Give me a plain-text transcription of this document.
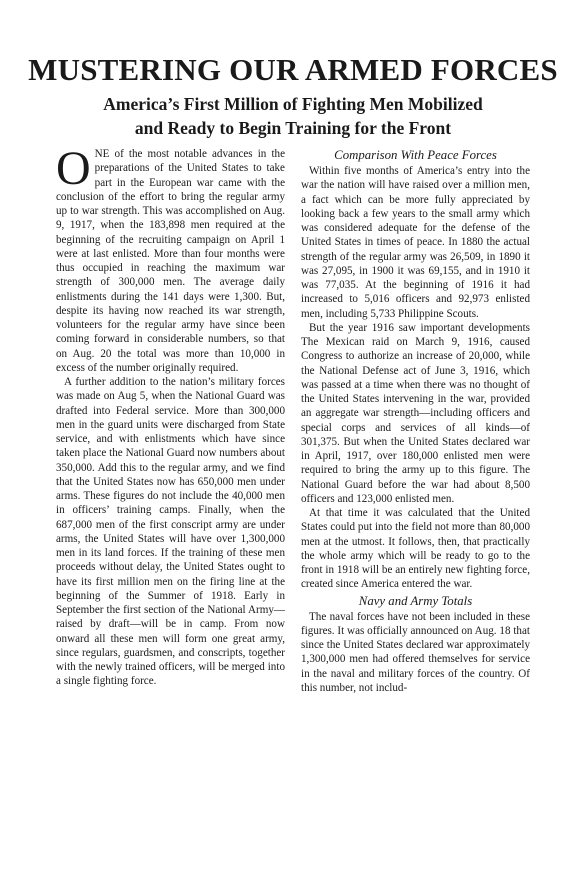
MUSTERING OUR ARMED FORCES
America’s First Million of Fighting Men Mobilized
and Ready to Begin Training for the Front

ONE of the most notable advances in the preparations of the United States to take part in the European war came with the conclusion of the effort to bring the regular army up to war strength. This was accomplished on Aug. 9, 1917, when the 183,898 men required at the beginning of the recruiting campaign on April 1 were at last enlisted. More than four months were thus occupied in reaching the maximum war strength of 300,000 men. The average daily enlistments during the 141 days were 1,300. But, despite its having now reached its war strength, volunteers for the regular army have since been coming forward in considerable numbers, so that on Aug. 20 the total was more than 10,000 in excess of the number originally required.

A further addition to the nation’s military forces was made on Aug 5, when the National Guard was drafted into Federal service. More than 300,000 men in the guard units were discharged from State service, and with enlistments which have since taken place the National Guard now numbers about 350,000. Add this to the regular army, and we find that the United States now has 650,000 men under arms. These figures do not include the 40,000 men in officers’ training camps. Finally, when the 687,000 men of the first conscript army are under arms, the United States will have over 1,300,000 men in its land forces. If the training of these men proceeds without delay, the United States ought to have its first million men on the firing line at the beginning of the Summer of 1918. Early in September the first section of the National Army—raised by draft—will be in camp. From now onward all these men will form one great army, since regulars, guardsmen, and conscripts, together with the newly trained officers, will be merged into a single fighting force.

Comparison With Peace Forces

Within five months of America’s entry into the war the nation will have raised over a million men, a fact which can be more fully appreciated by looking back a few years to the small army which was considered adequate for the defense of the United States in times of peace. In 1880 the actual strength of the regular army was 26,509, in 1890 it was 27,095, in 1900 it was 69,155, and in 1910 it was 77,035. At the beginning of 1916 it had increased to 5,016 officers and 92,973 enlisted men, including 5,733 Philippine Scouts.

But the year 1916 saw important developments The Mexican raid on March 9, 1916, caused Congress to authorize an increase of 20,000, while the National Defense act of June 3, 1916, which was passed at a time when there was no thought of the United States intervening in the war, provided an aggregate war strength—including officers and special corps and services of all kinds—of 301,375. But when the United States declared war in April, 1917, over 180,000 enlisted men were required to bring the army up to this figure. The National Guard before the war had about 8,500 officers and 123,000 enlisted men.

At that time it was calculated that the United States could put into the field not more than 80,000 men at the utmost. It follows, then, that practically the whole army which will be ready to go to the front in 1918 will be an entirely new fighting force, created since America entered the war.

Navy and Army Totals

The naval forces have not been included in these figures. It was officially announced on Aug. 18 that since the United States declared war approximately 1,300,000 men had offered themselves for service in the naval and military forces of the country. Of this number, not includ-
